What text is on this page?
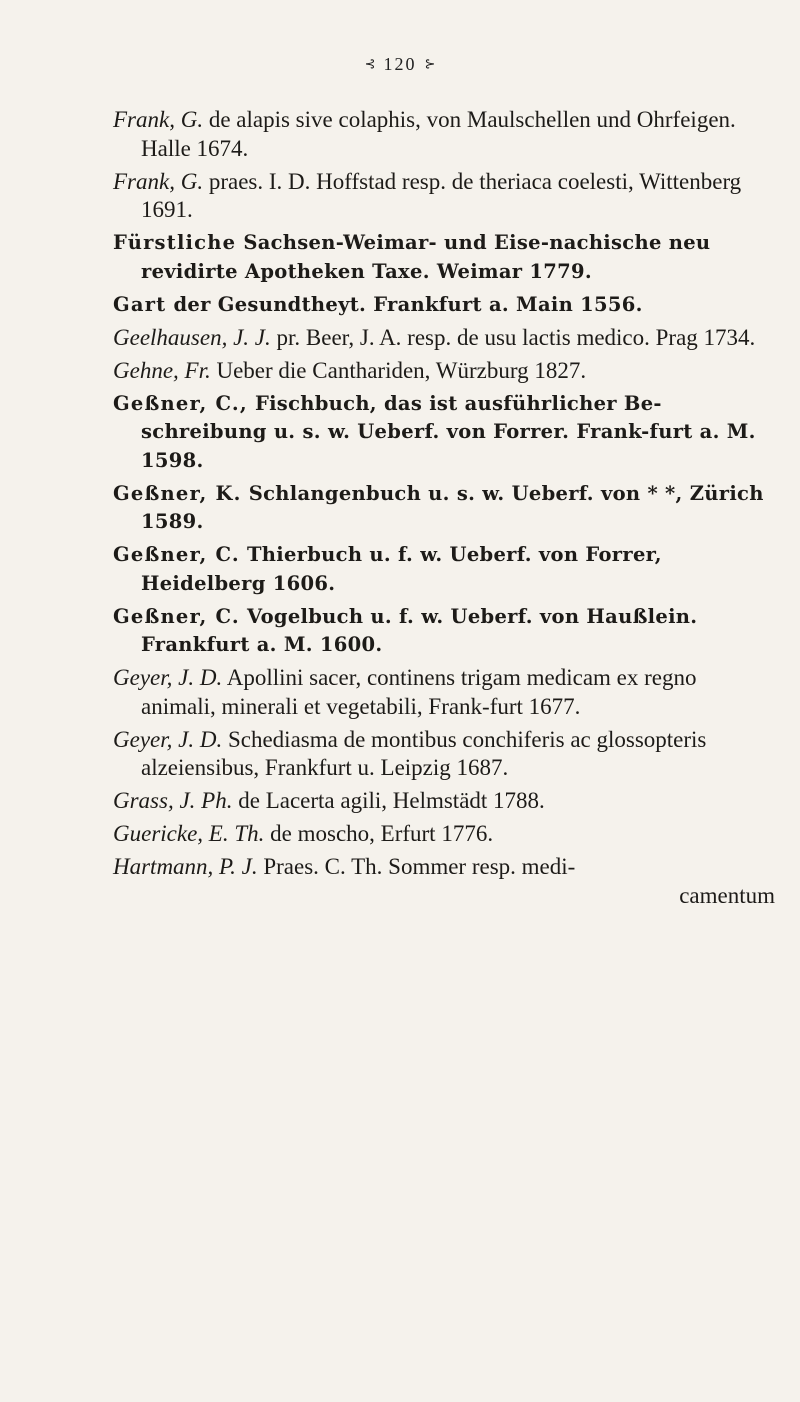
⊰ 120 ⊱

Frank, G. de alapis sive colaphis, von Maulschellen und Ohrfeigen. Halle 1674.

Frank, G. praes. I. D. Hoffstad resp. de theriaca coelesti, Wittenberg 1691.

Fürstliche Sachsen-Weimar- und Eise-nachische neu revidirte Apotheken Taxe. Weimar 1779.

Gart der Gesundtheyt. Frankfurt a. Main 1556.

Geelhausen, J. J. pr. Beer, J. A. resp. de usu lactis medico. Prag 1734.

Gehne, Fr. Ueber die Canthariden, Würzburg 1827.

Geßner, C., Fischbuch, das ist ausführlicher Be-schreibung u. s. w. Ueberf. von Forrer. Frank-furt a. M. 1598.

Geßner, K. Schlangenbuch u. s. w. Ueberf. von * *, Zürich 1589.

Geßner, C. Thierbuch u. f. w. Ueberf. von Forrer, Heidelberg 1606.

Geßner, C. Vogelbuch u. f. w. Ueberf. von Haußlein. Frankfurt a. M. 1600.

Geyer, J. D. Apollini sacer, continens trigam medicam ex regno animali, minerali et vegetabili, Frank-furt 1677.

Geyer, J. D. Schediasma de montibus conchiferis ac glossopteris alzeiensibus, Frankfurt u. Leipzig 1687.

Grass, J. Ph. de Lacerta agili, Helmstädt 1788.

Guericke, E. Th. de moscho, Erfurt 1776.

Hartmann, P. J. Praes. C. Th. Sommer resp. medi-
camentum
